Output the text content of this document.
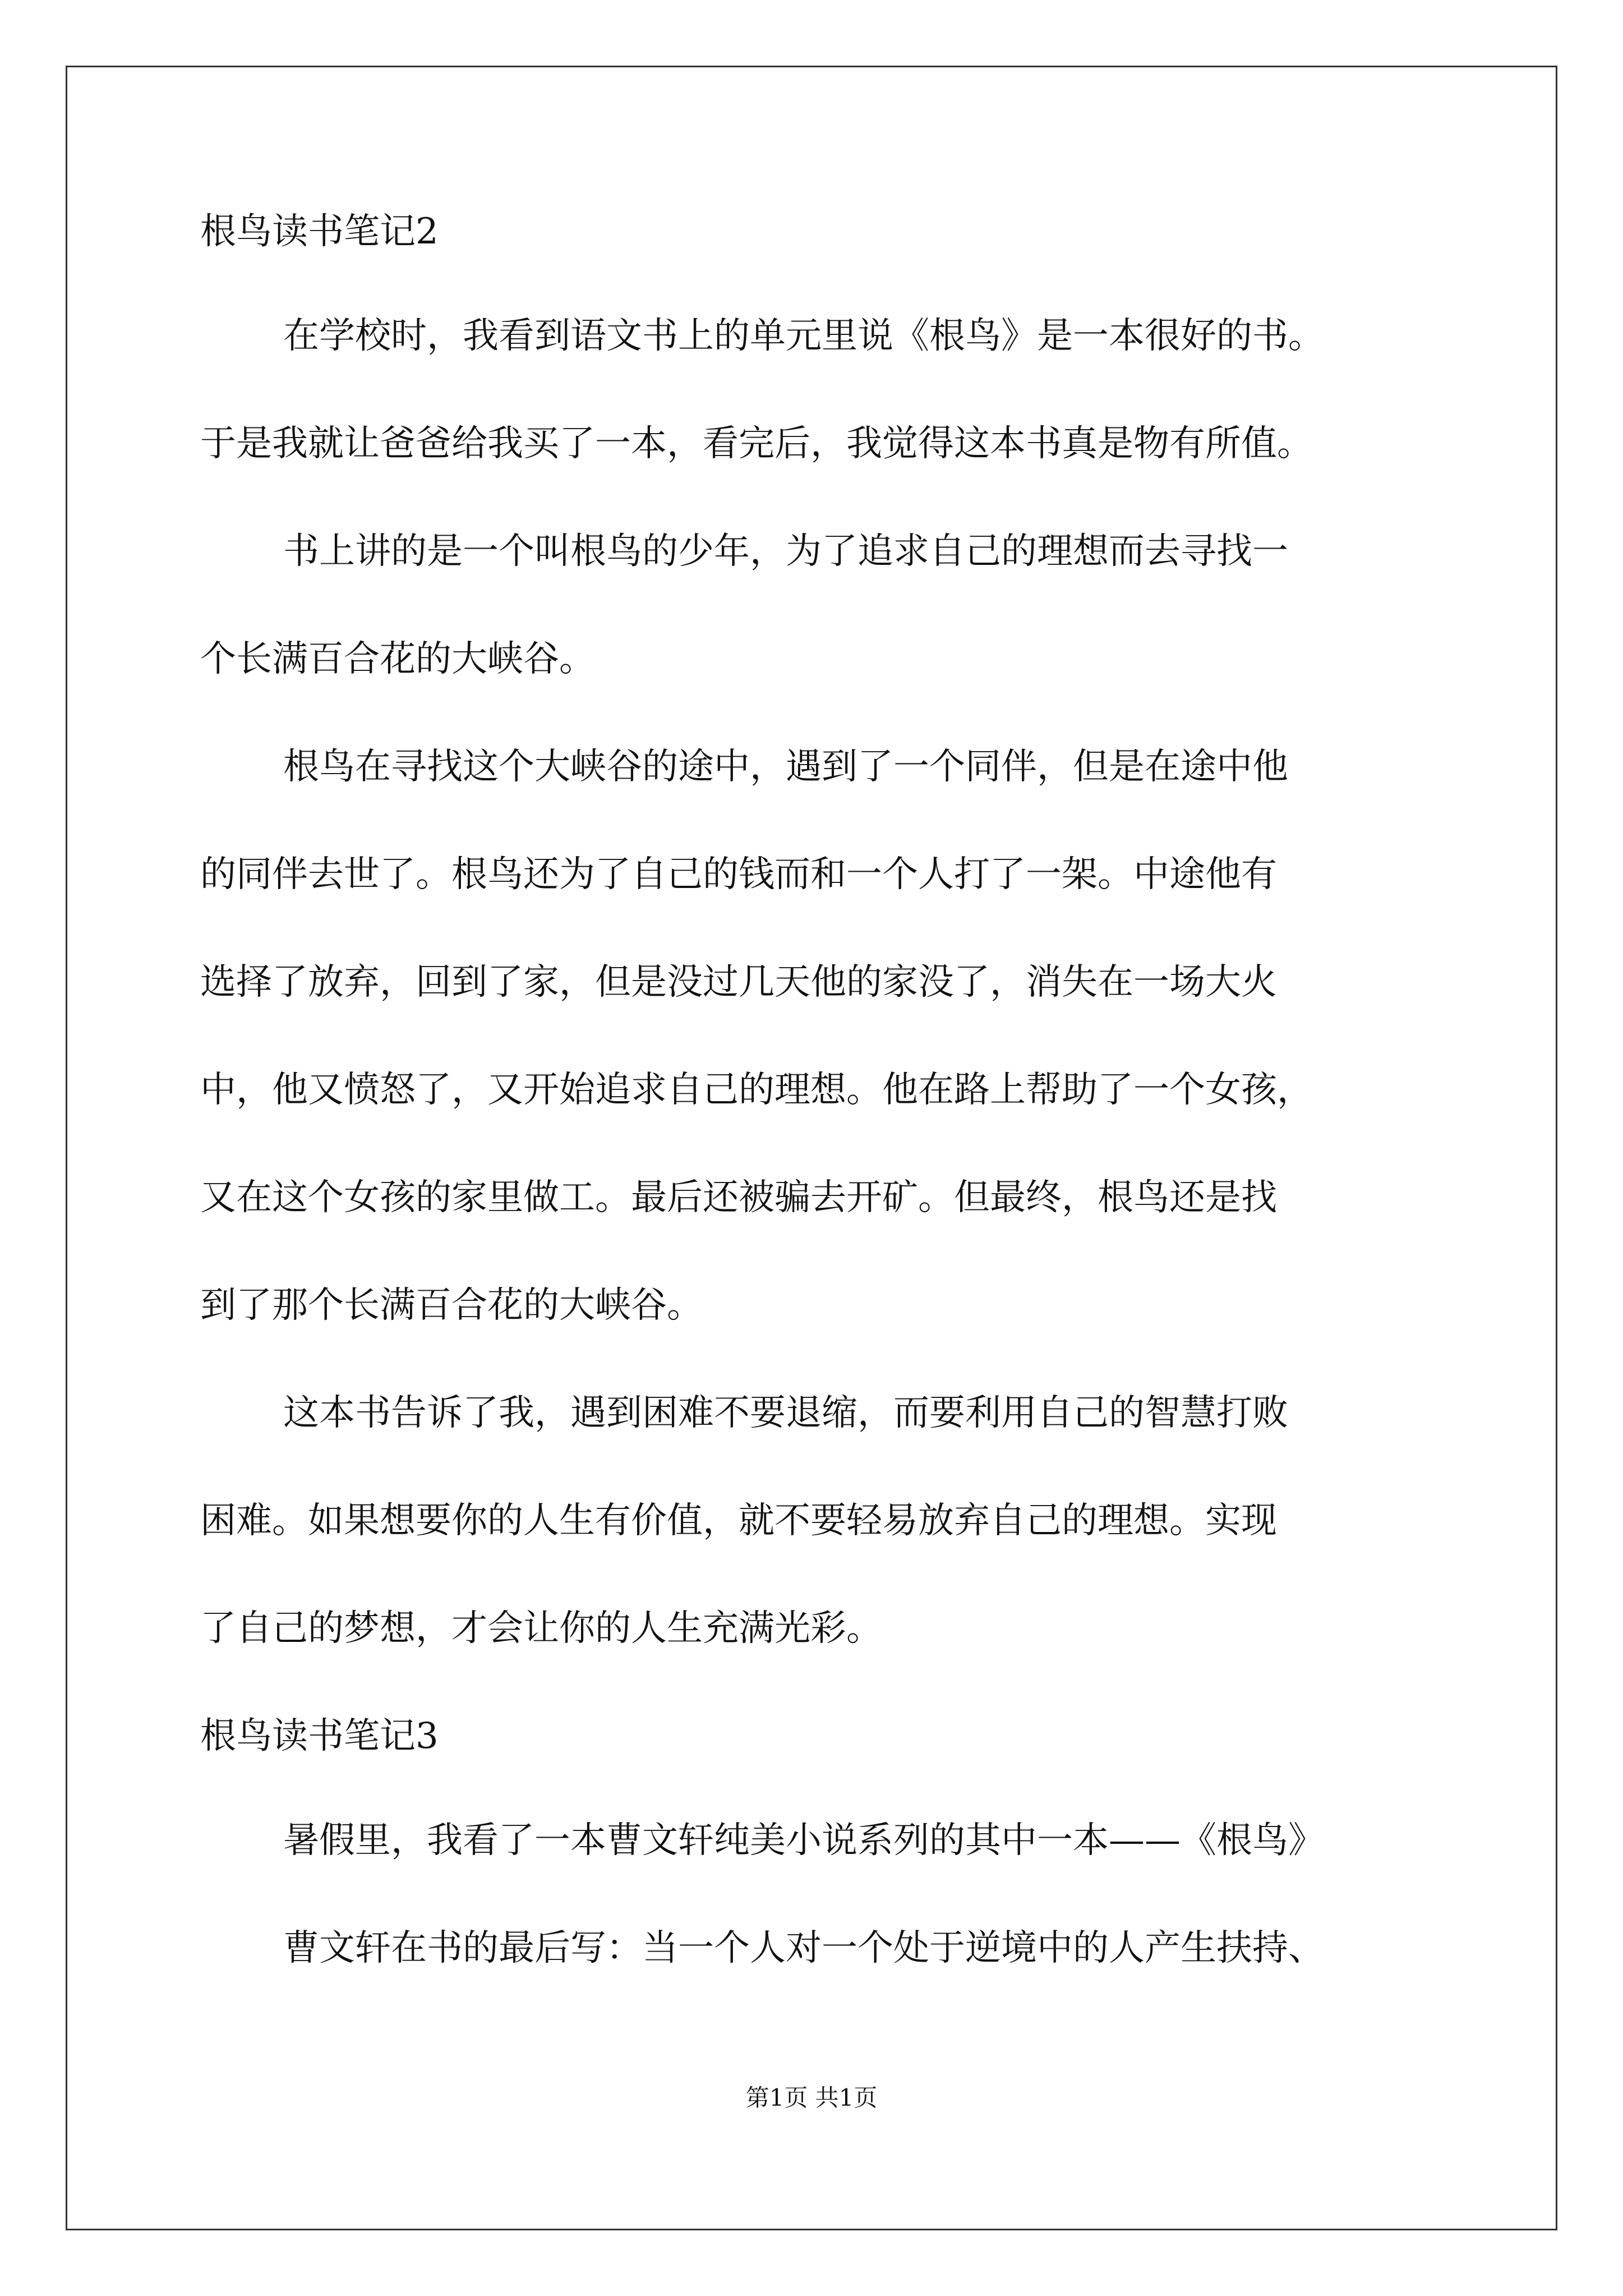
根鸟读书笔记2

在学校时，我看到语文书上的单元里说《根鸟》是一本很好的书。

于是我就让爸爸给我买了一本，看完后，我觉得这本书真是物有所值。

书上讲的是一个叫根鸟的少年，为了追求自己的理想而去寻找一

个长满百合花的大峡谷。

根鸟在寻找这个大峡谷的途中，遇到了一个同伴，但是在途中他

的同伴去世了。根鸟还为了自己的钱而和一个人打了一架。中途他有

选择了放弃，回到了家，但是没过几天他的家没了，消失在一场大火

中，他又愤怒了，又开始追求自己的理想。他在路上帮助了一个女孩，

又在这个女孩的家里做工。最后还被骗去开矿。但最终，根鸟还是找

到了那个长满百合花的大峡谷。

这本书告诉了我，遇到困难不要退缩，而要利用自己的智慧打败

困难。如果想要你的人生有价值，就不要轻易放弃自己的理想。实现

了自己的梦想，才会让你的人生充满光彩。

根鸟读书笔记3

暑假里，我看了一本曹文轩纯美小说系列的其中一本——《根鸟》

曹文轩在书的最后写：当一个人对一个处于逆境中的人产生扶持、

第1页 共1页
